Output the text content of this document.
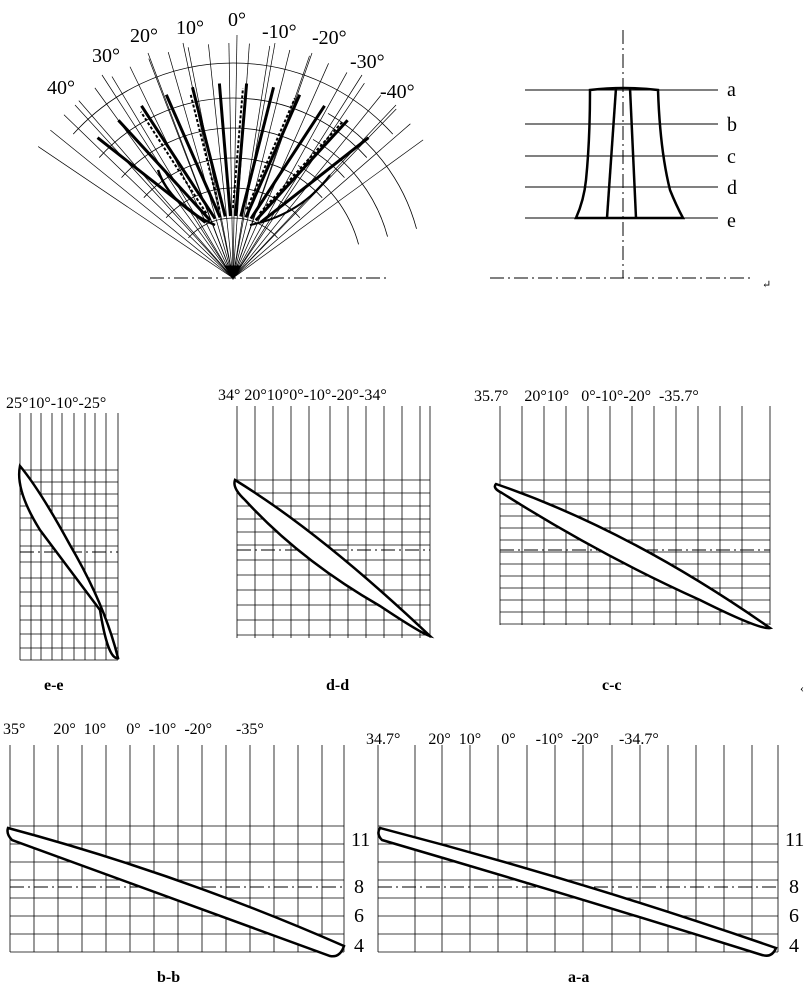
40°
30°
20° 10° 0°
-10° -20°
-30°
-40°	a
b
c
d
e
↵
25°10°-10°-25°	34° 20°10°0°-10°-20°-34°	35.7°    20°10°   0°-10°-20°  -35.7°
35°       20°  10°     0°  -10°  -20°      -35°
34.7°       20°  10°     0°     -10°  -20°     -34.7°
e-e	d-d	c-c
b-b	a-a
11
8
6
4
11
8
6
4
‹
